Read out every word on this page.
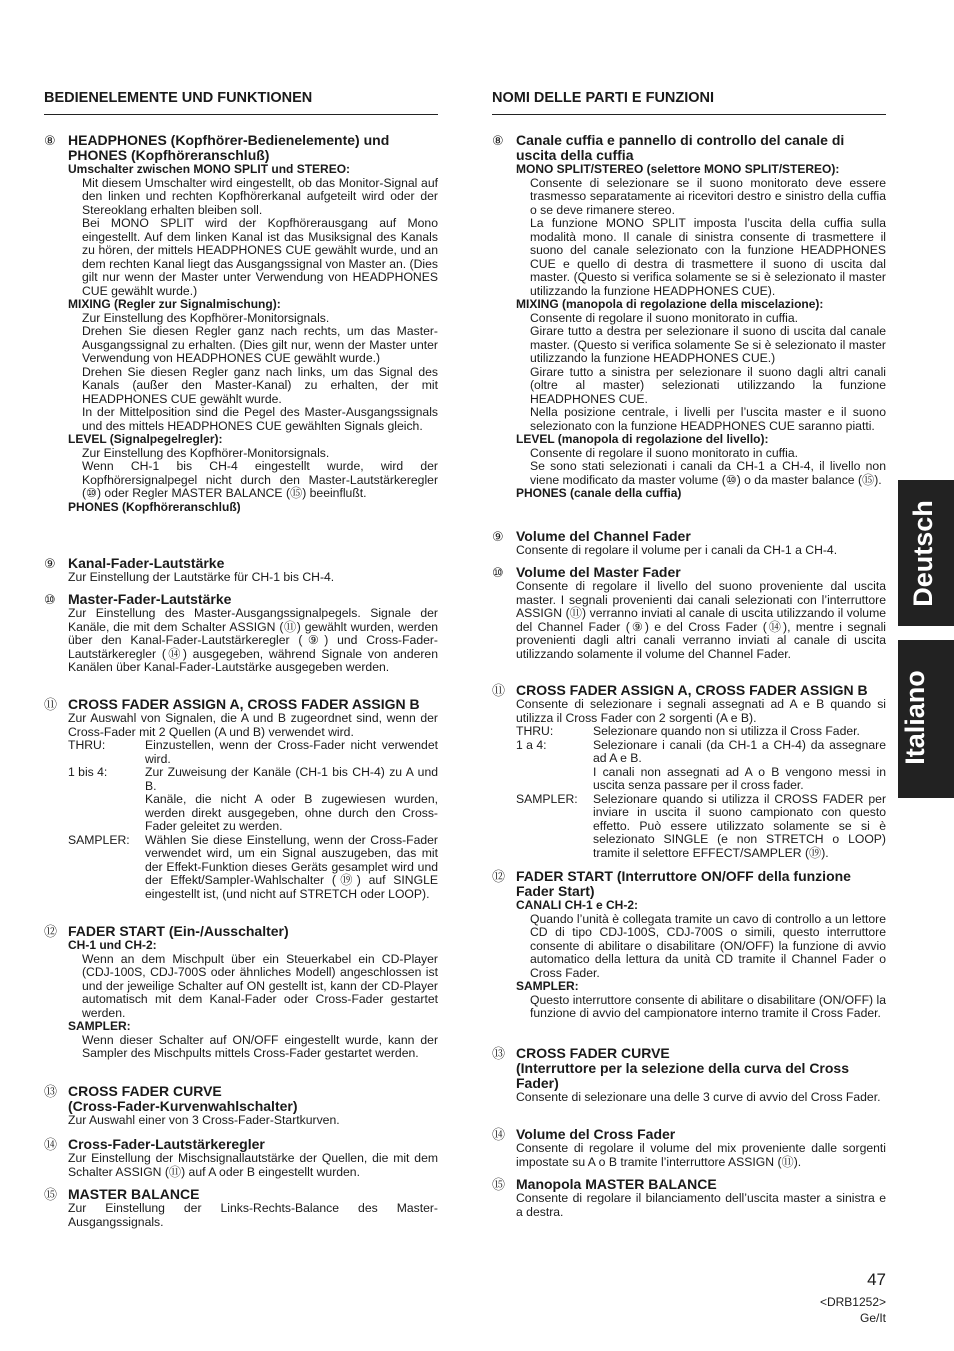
BEDIENELEMENTE UND FUNKTIONEN
⑧ HEADPHONES (Kopfhörer-Bedienelemente) und PHONES (Kopfhöreranschluß)
Umschalter zwischen MONO SPLIT und STEREO:
Mit diesem Umschalter wird eingestellt, ob das Monitor-Signal auf den linken und rechten Kopfhörerkanal aufgeteilt wird oder der Stereoklang erhalten bleiben soll.
Bei MONO SPLIT wird der Kopfhörerausgang auf Mono eingestellt. Auf dem linken Kanal ist das Musiksignal des Kanals zu hören, der mittels HEADPHONES CUE gewählt wurde, und an dem rechten Kanal liegt das Ausgangssignal von Master an. (Dies gilt nur wenn der Master unter Verwendung von HEADPHONES CUE gewählt wurde.)
MIXING (Regler zur Signalmischung):
Zur Einstellung des Kopfhörer-Monitorsignals.
Drehen Sie diesen Regler ganz nach rechts, um das Master-Ausgangssignal zu erhalten. (Dies gilt nur, wenn der Master unter Verwendung von HEADPHONES CUE gewählt wurde.)
Drehen Sie diesen Regler ganz nach links, um das Signal des Kanals (außer den Master-Kanal) zu erhalten, der mit HEADPHONES CUE gewählt wurde.
In der Mittelposition sind die Pegel des Master-Ausgangssignals und des mittels HEADPHONES CUE gewählten Signals gleich.
LEVEL (Signalpegelregler):
Zur Einstellung des Kopfhörer-Monitorsignals.
Wenn CH-1 bis CH-4 eingestellt wurde, wird der Kopfhörersignalpegel nicht durch den Master-Lautstärkeregler (⑩) oder Regler MASTER BALANCE (⑮) beeinflußt.
PHONES (Kopfhöreranschluß)
⑨ Kanal-Fader-Lautstärke
Zur Einstellung der Lautstärke für CH-1 bis CH-4.
⑩ Master-Fader-Lautstärke
Zur Einstellung des Master-Ausgangssignalpegels. Signale der Kanäle, die mit dem Schalter ASSIGN (⑪) gewählt wurden, werden über den Kanal-Fader-Lautstärkeregler (⑨) und Cross-Fader-Lautstärkeregler (⑭) ausgegeben, während Signale von anderen Kanälen über Kanal-Fader-Lautstärke ausgegeben werden.
⑪ CROSS FADER ASSIGN A, CROSS FADER ASSIGN B
Zur Auswahl von Signalen, die A und B zugeordnet sind, wenn der Cross-Fader mit 2 Quellen (A und B) verwendet wird.
THRU:	Einzustellen, wenn der Cross-Fader nicht verwendet wird.
1 bis 4:	Zur Zuweisung der Kanäle (CH-1 bis CH-4) zu A und B.
Kanäle, die nicht A oder B zugewiesen wurden, werden direkt ausgegeben, ohne durch den Cross-Fader geleitet zu werden.
SAMPLER:	Wählen Sie diese Einstellung, wenn der Cross-Fader verwendet wird, um ein Signal auszugeben, das mit der Effekt-Funktion dieses Geräts gesamplet wird und der Effekt/Sampler-Wahlschalter (⑲) auf SINGLE eingestellt ist, (und nicht auf STRETCH oder LOOP).
⑫ FADER START (Ein-/Ausschalter)
CH-1 und CH-2:
Wenn an dem Mischpult über ein Steuerkabel ein CD-Player (CDJ-100S, CDJ-700S oder ähnliches Modell) angeschlossen ist und der jeweilige Schalter auf ON gestellt ist, kann der CD-Player automatisch mit dem Kanal-Fader oder Cross-Fader gestartet werden.
SAMPLER:
Wenn dieser Schalter auf ON/OFF eingestellt wurde, kann der Sampler des Mischpults mittels Cross-Fader gestartet werden.
⑬ CROSS FADER CURVE
(Cross-Fader-Kurvenwahlschalter)
Zur Auswahl einer von 3 Cross-Fader-Startkurven.
⑭ Cross-Fader-Lautstärkeregler
Zur Einstellung der Mischsignallautstärke der Quellen, die mit dem Schalter ASSIGN (⑪) auf A oder B eingestellt wurden.
⑮ MASTER BALANCE
Zur Einstellung der Links-Rechts-Balance des Master-Ausgangssignals.
NOMI DELLE PARTI E FUNZIONI
⑧ Canale cuffia e pannello di controllo del canale di uscita della cuffia
MONO SPLIT/STEREO (selettore MONO SPLIT/STEREO):
Consente di selezionare se il suono monitorato deve essere trasmesso separatamente ai ricevitori destro e sinistro della cuffia o se deve rimanere stereo.
La funzione MONO SPLIT imposta l’uscita della cuffia sulla modalità mono. Il canale di sinistra consente di trasmettere il suono del canale selezionato con la funzione HEADPHONES CUE e quello di destra di trasmettere il suono di uscita dal master. (Questo si verifica solamente se si è selezionato il master utilizzando la funzione HEADPHONES CUE).
MIXING (manopola di regolazione della miscelazione):
Consente di regolare il suono monitorato in cuffia.
Girare tutto a destra per selezionare il suono di uscita dal canale master. (Questo si verifica solamente Se si è selezionato il master utilizzando la funzione HEADPHONES CUE.)
Girare tutto a sinistra per selezionare il suono dagli altri canali (oltre al master) selezionati utilizzando la funzione HEADPHONES CUE.
Nella posizione centrale, i livelli per l’uscita master e il suono selezionato con la funzione HEADPHONES CUE saranno piatti.
LEVEL (manopola di regolazione del livello):
Consente di regolare il suono monitorato in cuffia.
Se sono stati selezionati i canali da CH-1 a CH-4, il livello non viene modificato da master volume (⑩) o da master balance (⑮).
PHONES (canale della cuffia)
⑨ Volume del Channel Fader
Consente di regolare il volume per i canali da CH-1 a CH-4.
⑩ Volume del Master Fader
Consente di regolare il livello del suono proveniente dal uscita master. I segnali provenienti dai canali selezionati con l’interruttore ASSIGN (⑪) verranno inviati al canale di uscita utilizzando il volume del Channel Fader (⑨) e del Cross Fader (⑭), mentre i segnali provenienti dagli altri canali verranno inviati al canale di uscita utilizzando solamente il volume del Channel Fader.
⑪ CROSS FADER ASSIGN A, CROSS FADER ASSIGN B
Consente di selezionare i segnali assegnati ad A e B quando si utilizza il Cross Fader con 2 sorgenti (A e B).
THRU:	Selezionare quando non si utilizza il Cross Fader.
1 a 4:	Selezionare i canali (da CH-1 a CH-4) da assegnare ad A e B.
I canali non assegnati ad A o B vengono messi in uscita senza passare per il cross fader.
SAMPLER:	Selezionare quando si utilizza il CROSS FADER per inviare in uscita il suono campionato con questo effetto. Può essere utilizzato solamente se si è selezionato SINGLE (e non STRETCH o LOOP) tramite il selettore EFFECT/SAMPLER (⑲).
⑫ FADER START (Interruttore ON/OFF della funzione Fader Start)
CANALI CH-1 e CH-2:
Quando l’unità è collegata tramite un cavo di controllo a un lettore CD di tipo CDJ-100S, CDJ-700S o simili, questo interruttore consente di abilitare o disabilitare (ON/OFF) la funzione di avvio automatico della lettura da unità CD tramite il Channel Fader o Cross Fader.
SAMPLER:
Questo interruttore consente di abilitare o disabilitare (ON/OFF) la funzione di avvio del campionatore interno tramite il Cross Fader.
⑬ CROSS FADER CURVE
(Interruttore per la selezione della curva del Cross Fader)
Consente di selezionare una delle 3 curve di avvio del Cross Fader.
⑭ Volume del Cross Fader
Consente di regolare il volume del mix proveniente dalle sorgenti impostate su A o B tramite l’interruttore ASSIGN (⑪).
⑮ Manopola MASTER BALANCE
Consente di regolare il bilanciamento dell’uscita master a sinistra e a destra.
Deutsch
Italiano
47
<DRB1252>
Ge/It
